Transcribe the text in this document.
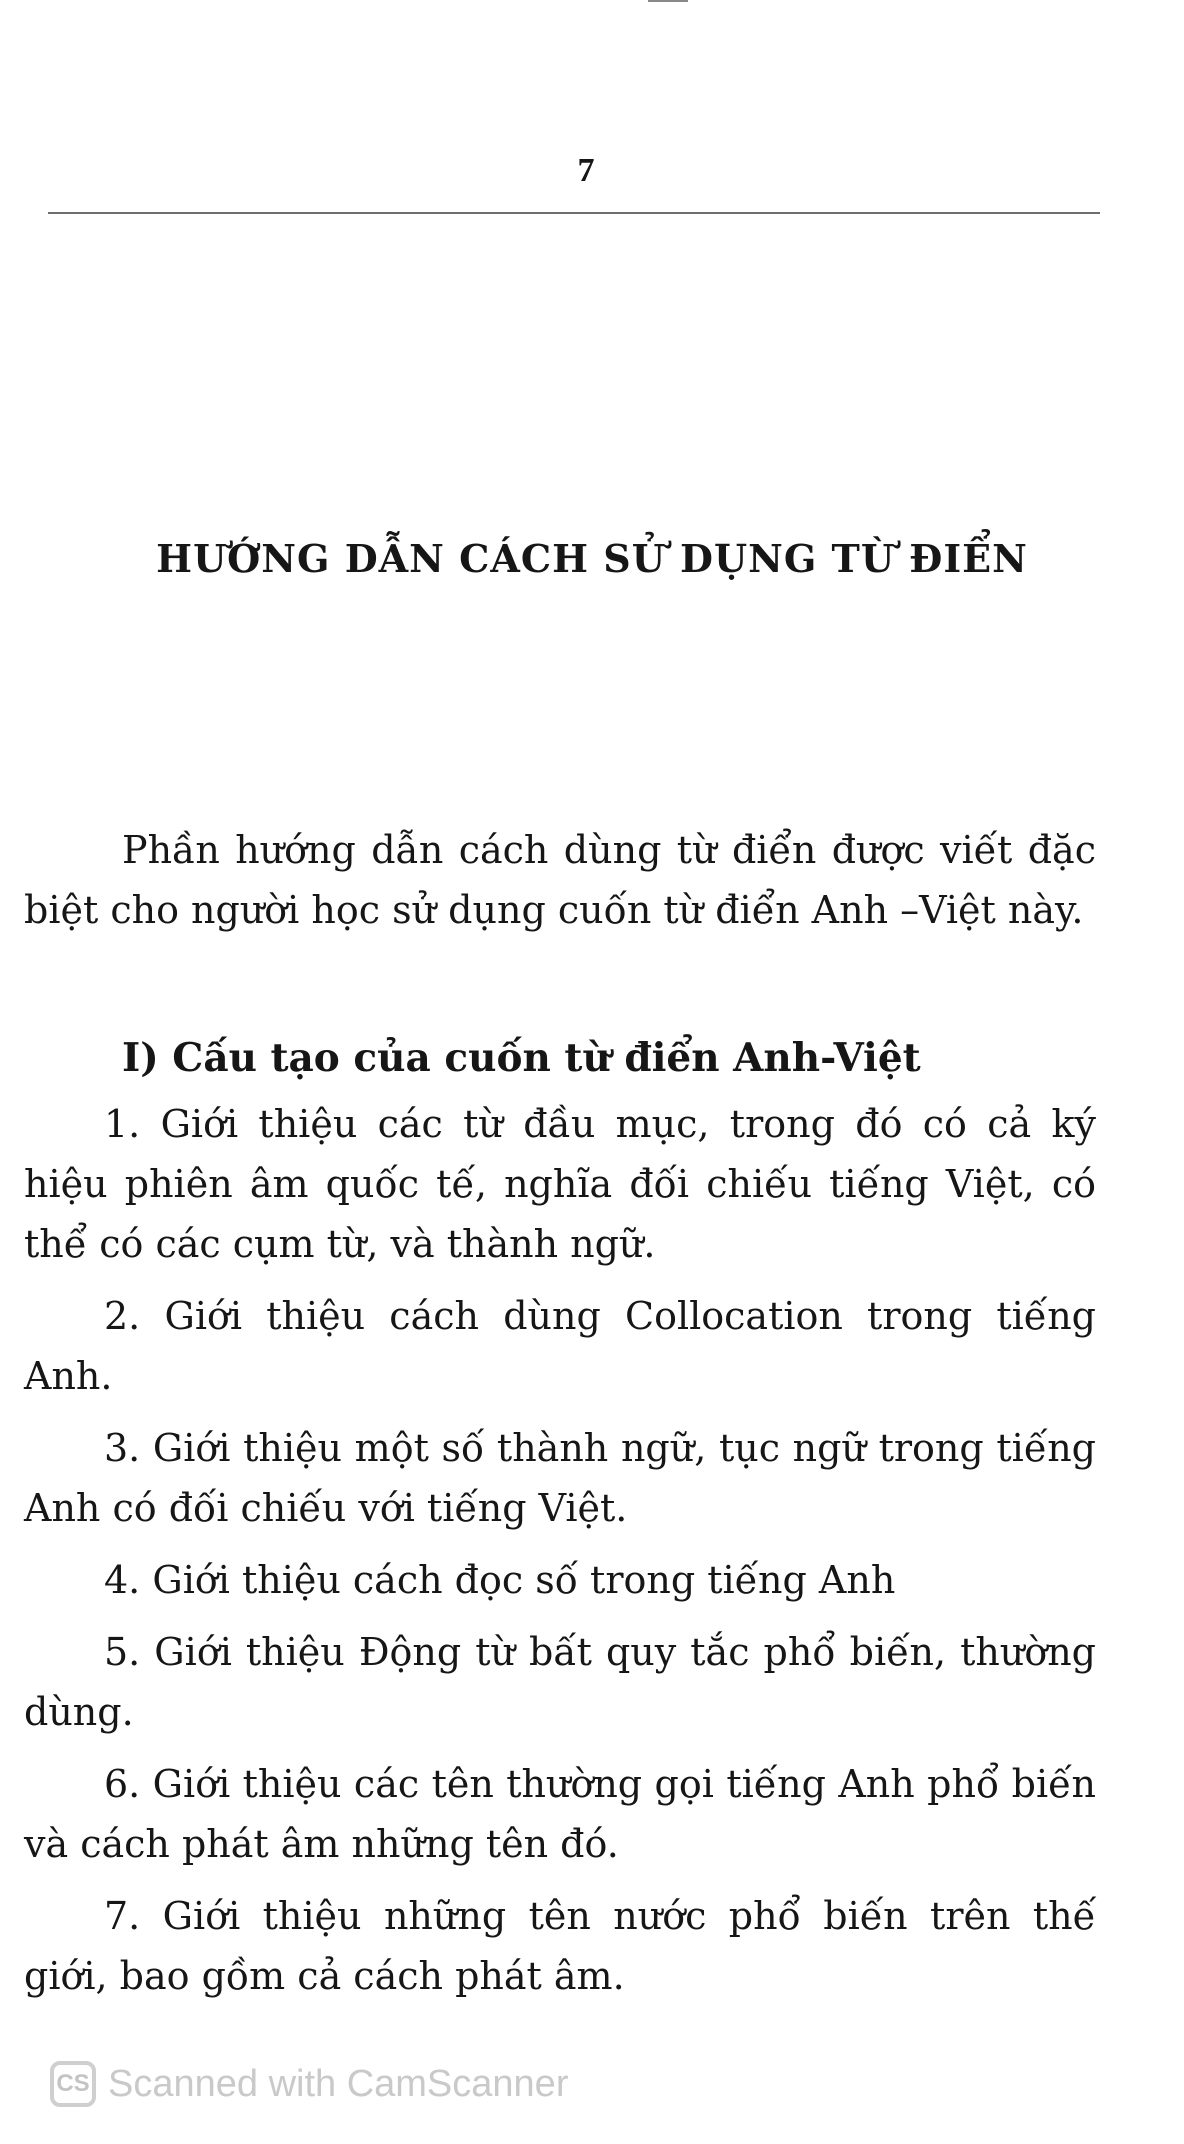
7
HƯỚNG DẪN CÁCH SỬ DỤNG TỪ ĐIỂN

Phần hướng dẫn cách dùng từ điển được viết đặc biệt cho người học sử dụng cuốn từ điển Anh –Việt này.

I) Cấu tạo của cuốn từ điển Anh-Việt

1. Giới thiệu các từ đầu mục, trong đó có cả ký hiệu phiên âm quốc tế, nghĩa đối chiếu tiếng Việt, có thể có các cụm từ, và thành ngữ.

2. Giới thiệu cách dùng Collocation trong tiếng Anh.

3. Giới thiệu một số thành ngữ, tục ngữ trong tiếng Anh có đối chiếu với tiếng Việt.

4. Giới thiệu cách đọc số trong tiếng Anh

5. Giới thiệu Động từ bất quy tắc phổ biến, thường dùng.

6. Giới thiệu các tên thường gọi tiếng Anh phổ biến và cách phát âm những tên đó.

7. Giới thiệu những tên nước phổ biến trên thế giới, bao gồm cả cách phát âm.

CS Scanned with CamScanner
